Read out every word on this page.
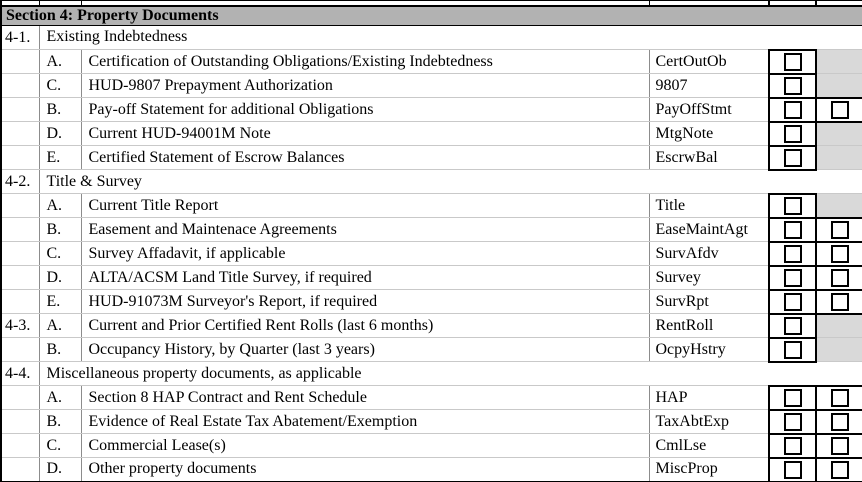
Section 4: Property Documents					
4-1.	Existing Indebtedness				
	A.	Certification of Outstanding Obligations/Existing Indebtedness	CertOutOb		
	C.	HUD-9807 Prepayment Authorization	9807		
	B.	Pay-off Statement for additional Obligations	PayOffStmt		
	D.	Current HUD-94001M Note	MtgNote		
	E.	Certified Statement of Escrow Balances	EscrwBal		
4-2.	Title & Survey				
	A.	Current Title Report	Title		
	B.	Easement and Maintenace Agreements	EaseMaintAgt		
	C.	Survey Affadavit, if applicable	SurvAfdv		
	D.	ALTA/ACSM Land Title Survey, if required	Survey		
	E.	HUD-91073M Surveyor's Report, if required	SurvRpt		
4-3.	A.	Current and Prior Certified Rent Rolls (last 6 months)	RentRoll		
	B.	Occupancy History, by Quarter (last 3 years)	OcpyHstry		
4-4.	Miscellaneous property documents, as applicable				
	A.	Section 8 HAP Contract and Rent Schedule	HAP		
	B.	Evidence of Real Estate Tax Abatement/Exemption	TaxAbtExp		
	C.	Commercial Lease(s)	CmlLse		
	D.	Other property documents	MiscProp		
